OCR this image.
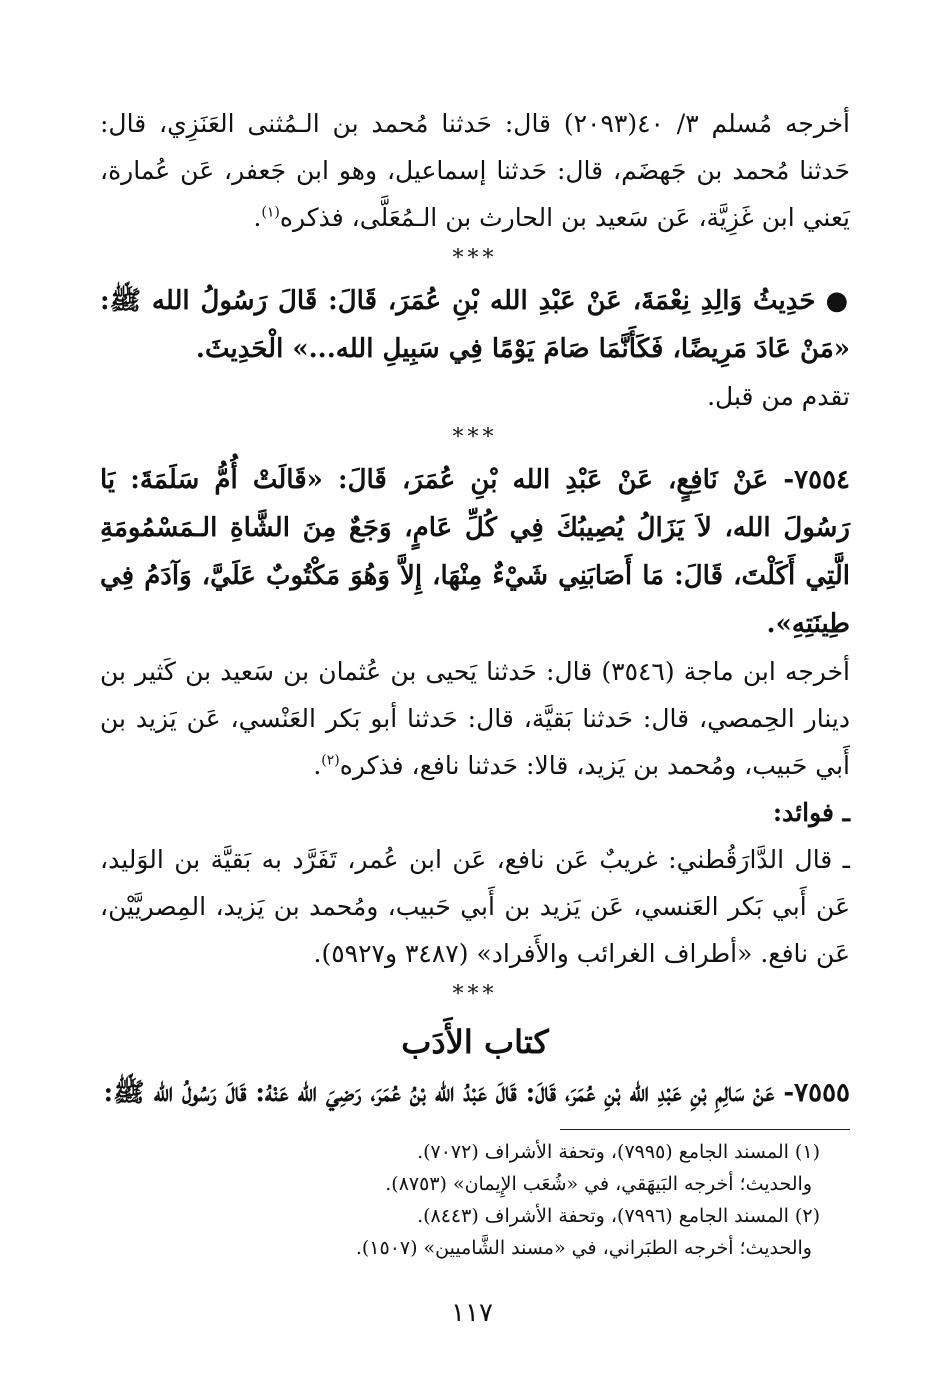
أخرجه مُسلم ٣/ ٤٠(٢٠٩٣) قال: حَدثنا مُحمد بن الـمُثنى العَنَزِي، قال: حَدثنا مُحمد بن جَهضَم، قال: حَدثنا إسماعيل، وهو ابن جَعفر، عَن عُمارة، يَعني ابن غَزِيَّة، عَن سَعيد بن الحارث بن الـمُعَلَّى، فذكره$^{(١)}$.

***

●حَدِيثُ وَالِدِ نِعْمَةَ، عَنْ عَبْدِ الله بْنِ عُمَرَ، قَالَ: قَالَ رَسُولُ الله ﷺ: «مَنْ عَادَ مَرِيضًا، فَكَأَنَّمَا صَامَ يَوْمًا فِي سَبِيلِ الله...» الْحَدِيثَ.

تقدم من قبل.

***

٧٥٥٤- عَنْ نَافِعٍ، عَنْ عَبْدِ الله بْنِ عُمَرَ، قَالَ: «قَالَتْ أُمُّ سَلَمَةَ: يَا رَسُولَ الله، لاَ يَزَالُ يُصِيبُكَ فِي كُلِّ عَامٍ، وَجَعٌ مِنَ الشَّاةِ الـمَسْمُومَةِ الَّتِي أَكَلْتَ، قَالَ: مَا أَصَابَنِي شَيْءٌ مِنْهَا، إِلاَّ وَهُوَ مَكْتُوبٌ عَلَيَّ، وَآدَمُ فِي طِينَتِهِ».

أخرجه ابن ماجة (٣٥٤٦) قال: حَدثنا يَحيى بن عُثمان بن سَعيد بن كَثير بن دينار الحِمصي، قال: حَدثنا بَقيَّة، قال: حَدثنا أبو بَكر العَنْسي، عَن يَزيد بن أَبي حَبيب، ومُحمد بن يَزيد، قالا: حَدثنا نافع، فذكره$^{(٢)}$.

ـ فوائد:

ـ قال الدَّارَقُطني: غريبٌ عَن نافع، عَن ابن عُمر، تَفَرَّد به بَقيَّة بن الوَليد، عَن أَبي بَكر العَنسي، عَن يَزيد بن أَبي حَبيب، ومُحمد بن يَزيد، المِصريَّيْن، عَن نافع. «أطراف الغرائب والأَفراد» (٣٤٨٧ و٥٩٢٧).

***

كتاب الأَدَب

٧٥٥٥- عَنْ سَالِمِ بْنِ عَبْدِ الله بْنِ عُمَرَ، قَالَ: قَالَ عَبْدُ الله بْنُ عُمَرَ، رَضِيَ الله عَنْهُ: قَالَ رَسُولُ الله ﷺ:

(١) المسند الجامع (٧٩٩٥)، وتحفة الأشراف (٧٠٧٢).

والحديث؛ أخرجه البَيهَقي، في «شُعَب الإِيمان» (٨٧٥٣).

(٢) المسند الجامع (٧٩٩٦)، وتحفة الأشراف (٨٤٤٣).

والحديث؛ أخرجه الطبَراني، في «مسند الشَّاميين» (١٥٠٧).

١١٧
